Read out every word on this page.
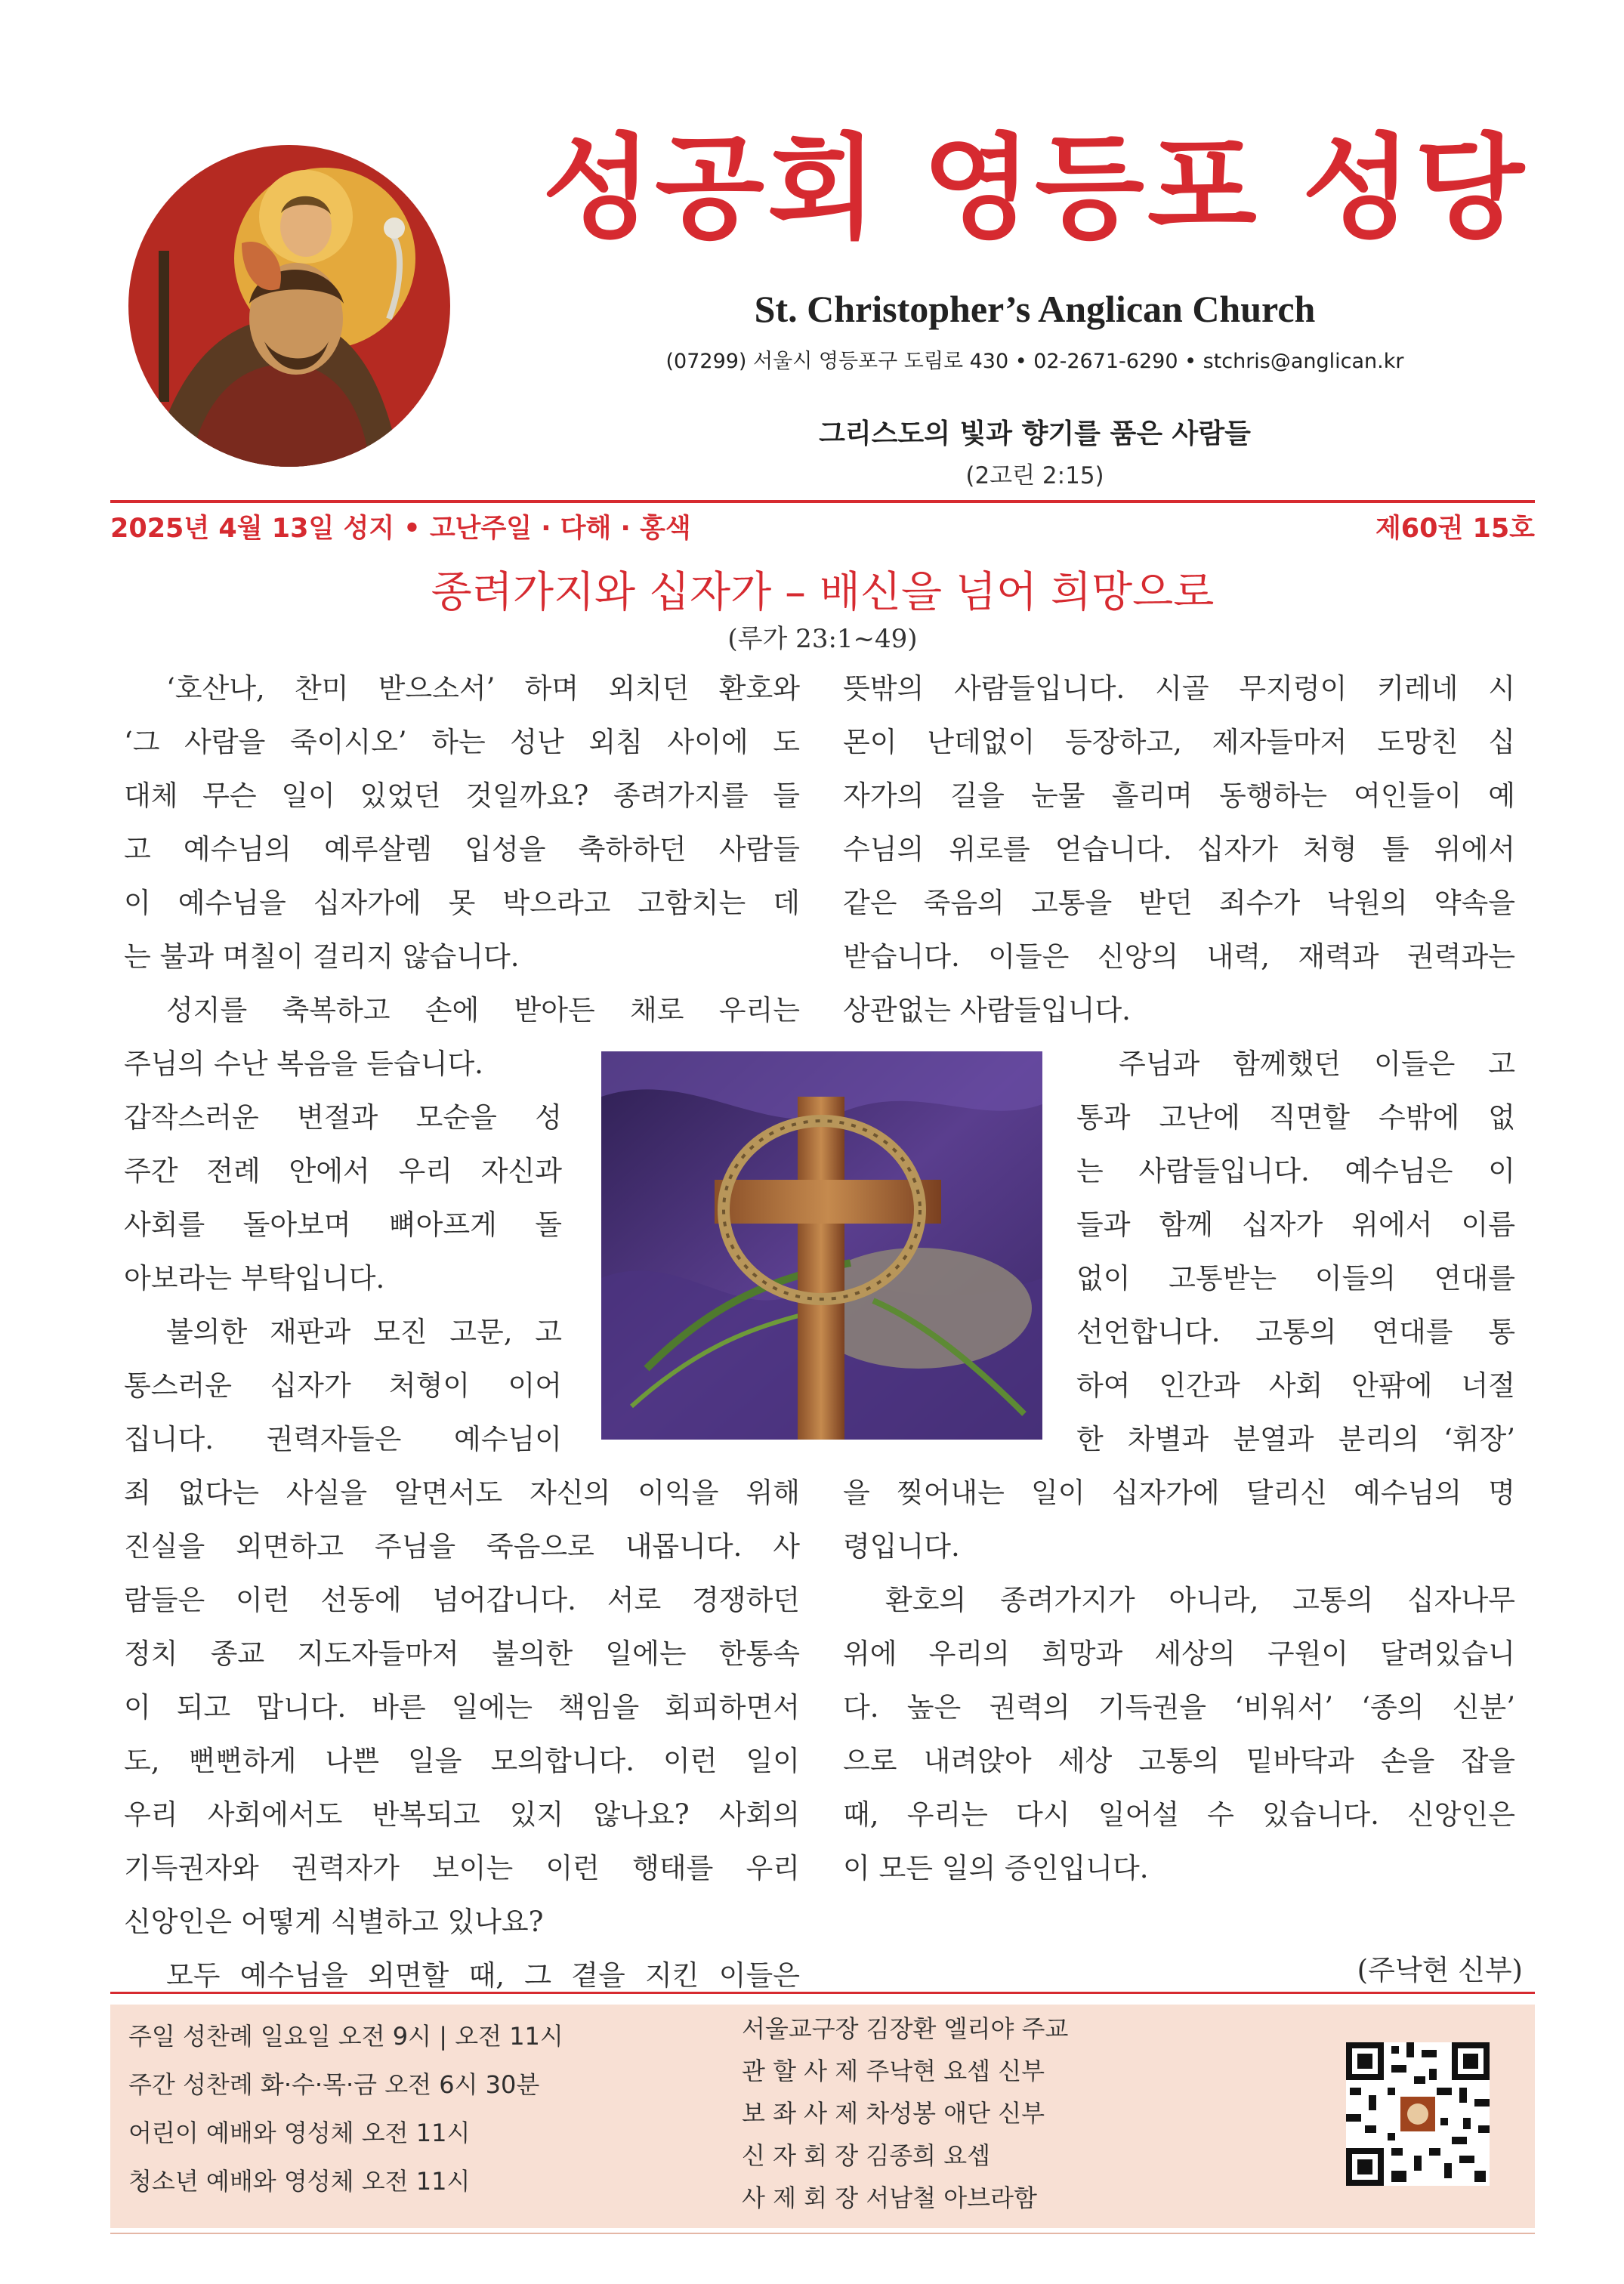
성공회 영등포 성당
St. Christopher’s Anglican Church
(07299) 서울시 영등포구 도림로 430 • 02-2671-6290 • stchris@anglican.kr
그리스도의 빛과 향기를 품은 사람들
(2고린 2:15)
2025년 4월 13일 성지 • 고난주일 · 다해 · 홍색	제60권 15호
종려가지와 십자가 – 배신을 넘어 희망으로
(루가 23:1~49)
‘호산나, 찬미 받으소서’ 하며 외치던 환호와
‘그 사람을 죽이시오’ 하는 성난 외침 사이에 도
대체 무슨 일이 있었던 것일까요? 종려가지를 들
고 예수님의 예루살렘 입성을 축하하던 사람들
이 예수님을 십자가에 못 박으라고 고함치는 데
는 불과 며칠이 걸리지 않습니다.
성지를 축복하고 손에 받아든 채로 우리는
주님의 수난 복음을 듣습니다.
갑작스러운 변절과 모순을 성
주간 전례 안에서 우리 자신과
사회를 돌아보며 뼈아프게 돌
아보라는 부탁입니다.
불의한 재판과 모진 고문, 고
통스러운 십자가 처형이 이어
집니다. 권력자들은 예수님이
죄 없다는 사실을 알면서도 자신의 이익을 위해
진실을 외면하고 주님을 죽음으로 내몹니다. 사
람들은 이런 선동에 넘어갑니다. 서로 경쟁하던
정치 종교 지도자들마저 불의한 일에는 한통속
이 되고 맙니다. 바른 일에는 책임을 회피하면서
도, 뻔뻔하게 나쁜 일을 모의합니다. 이런 일이
우리 사회에서도 반복되고 있지 않나요? 사회의
기득권자와 권력자가 보이는 이런 행태를 우리
신앙인은 어떻게 식별하고 있나요?
모두 예수님을 외면할 때, 그 곁을 지킨 이들은
뜻밖의 사람들입니다. 시골 무지렁이 키레네 시
몬이 난데없이 등장하고, 제자들마저 도망친 십
자가의 길을 눈물 흘리며 동행하는 여인들이 예
수님의 위로를 얻습니다. 십자가 처형 틀 위에서
같은 죽음의 고통을 받던 죄수가 낙원의 약속을
받습니다. 이들은 신앙의 내력, 재력과 권력과는
상관없는 사람들입니다.
주님과 함께했던 이들은 고
통과 고난에 직면할 수밖에 없
는 사람들입니다. 예수님은 이
들과 함께 십자가 위에서 이름
없이 고통받는 이들의 연대를
선언합니다. 고통의 연대를 통
하여 인간과 사회 안팎에 너절
한 차별과 분열과 분리의 ‘휘장’
을 찢어내는 일이 십자가에 달리신 예수님의 명
령입니다.
환호의 종려가지가 아니라, 고통의 십자나무
위에 우리의 희망과 세상의 구원이 달려있습니
다. 높은 권력의 기득권을 ‘비워서’ ‘종의 신분’
으로 내려앉아 세상 고통의 밑바닥과 손을 잡을
때, 우리는 다시 일어설 수 있습니다. 신앙인은
이 모든 일의 증인입니다.
(주낙현 신부)
주일 성찬례 일요일 오전 9시 | 오전 11시
주간 성찬례 화·수·목·금 오전 6시 30분
어린이 예배와 영성체 오전 11시
청소년 예배와 영성체 오전 11시
서울교구장 김장환 엘리야 주교
관 할 사 제 주낙현 요셉 신부
보 좌 사 제 차성봉 애단 신부
신 자 회 장 김종희 요셉
사 제 회 장 서남철 아브라함
